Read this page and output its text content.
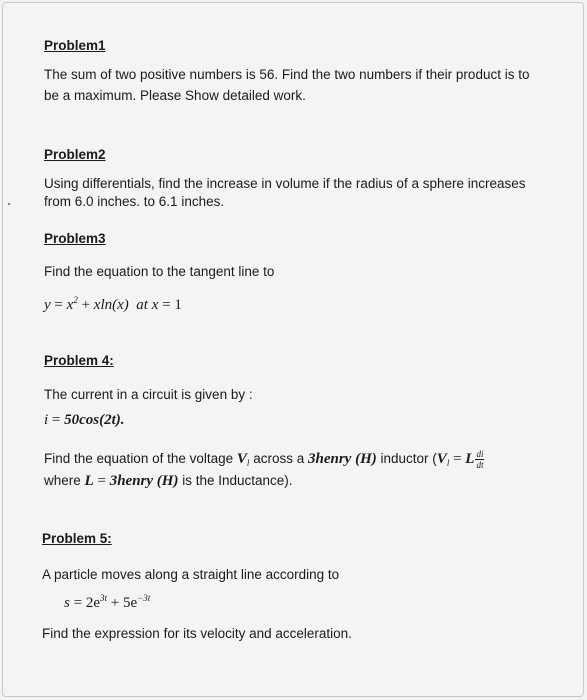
Problem1
The sum of two positive numbers is 56. Find the two numbers if their product is to
be a maximum. Please Show detailed work.
Problem2
Using differentials, find the increase in volume if the radius of a sphere increases
from 6.0 inches. to 6.1 inches.
Problem3
Find the equation to the tangent line to
$y = x^2 + xln(x)$ at x = 1
Problem 4:
The current in a circuit is given by :
i = 50cos(2t).
Find the equation of the voltage $V_l$ across a 3henry (H) inductor ($V_l = L \frac{di}{dt}$
where L = 3henry (H) is the Inductance).
Problem 5:
A particle moves along a straight line according to
$s = 2e^{3t} + 5e^{-3t}$
Find the expression for its velocity and acceleration.
